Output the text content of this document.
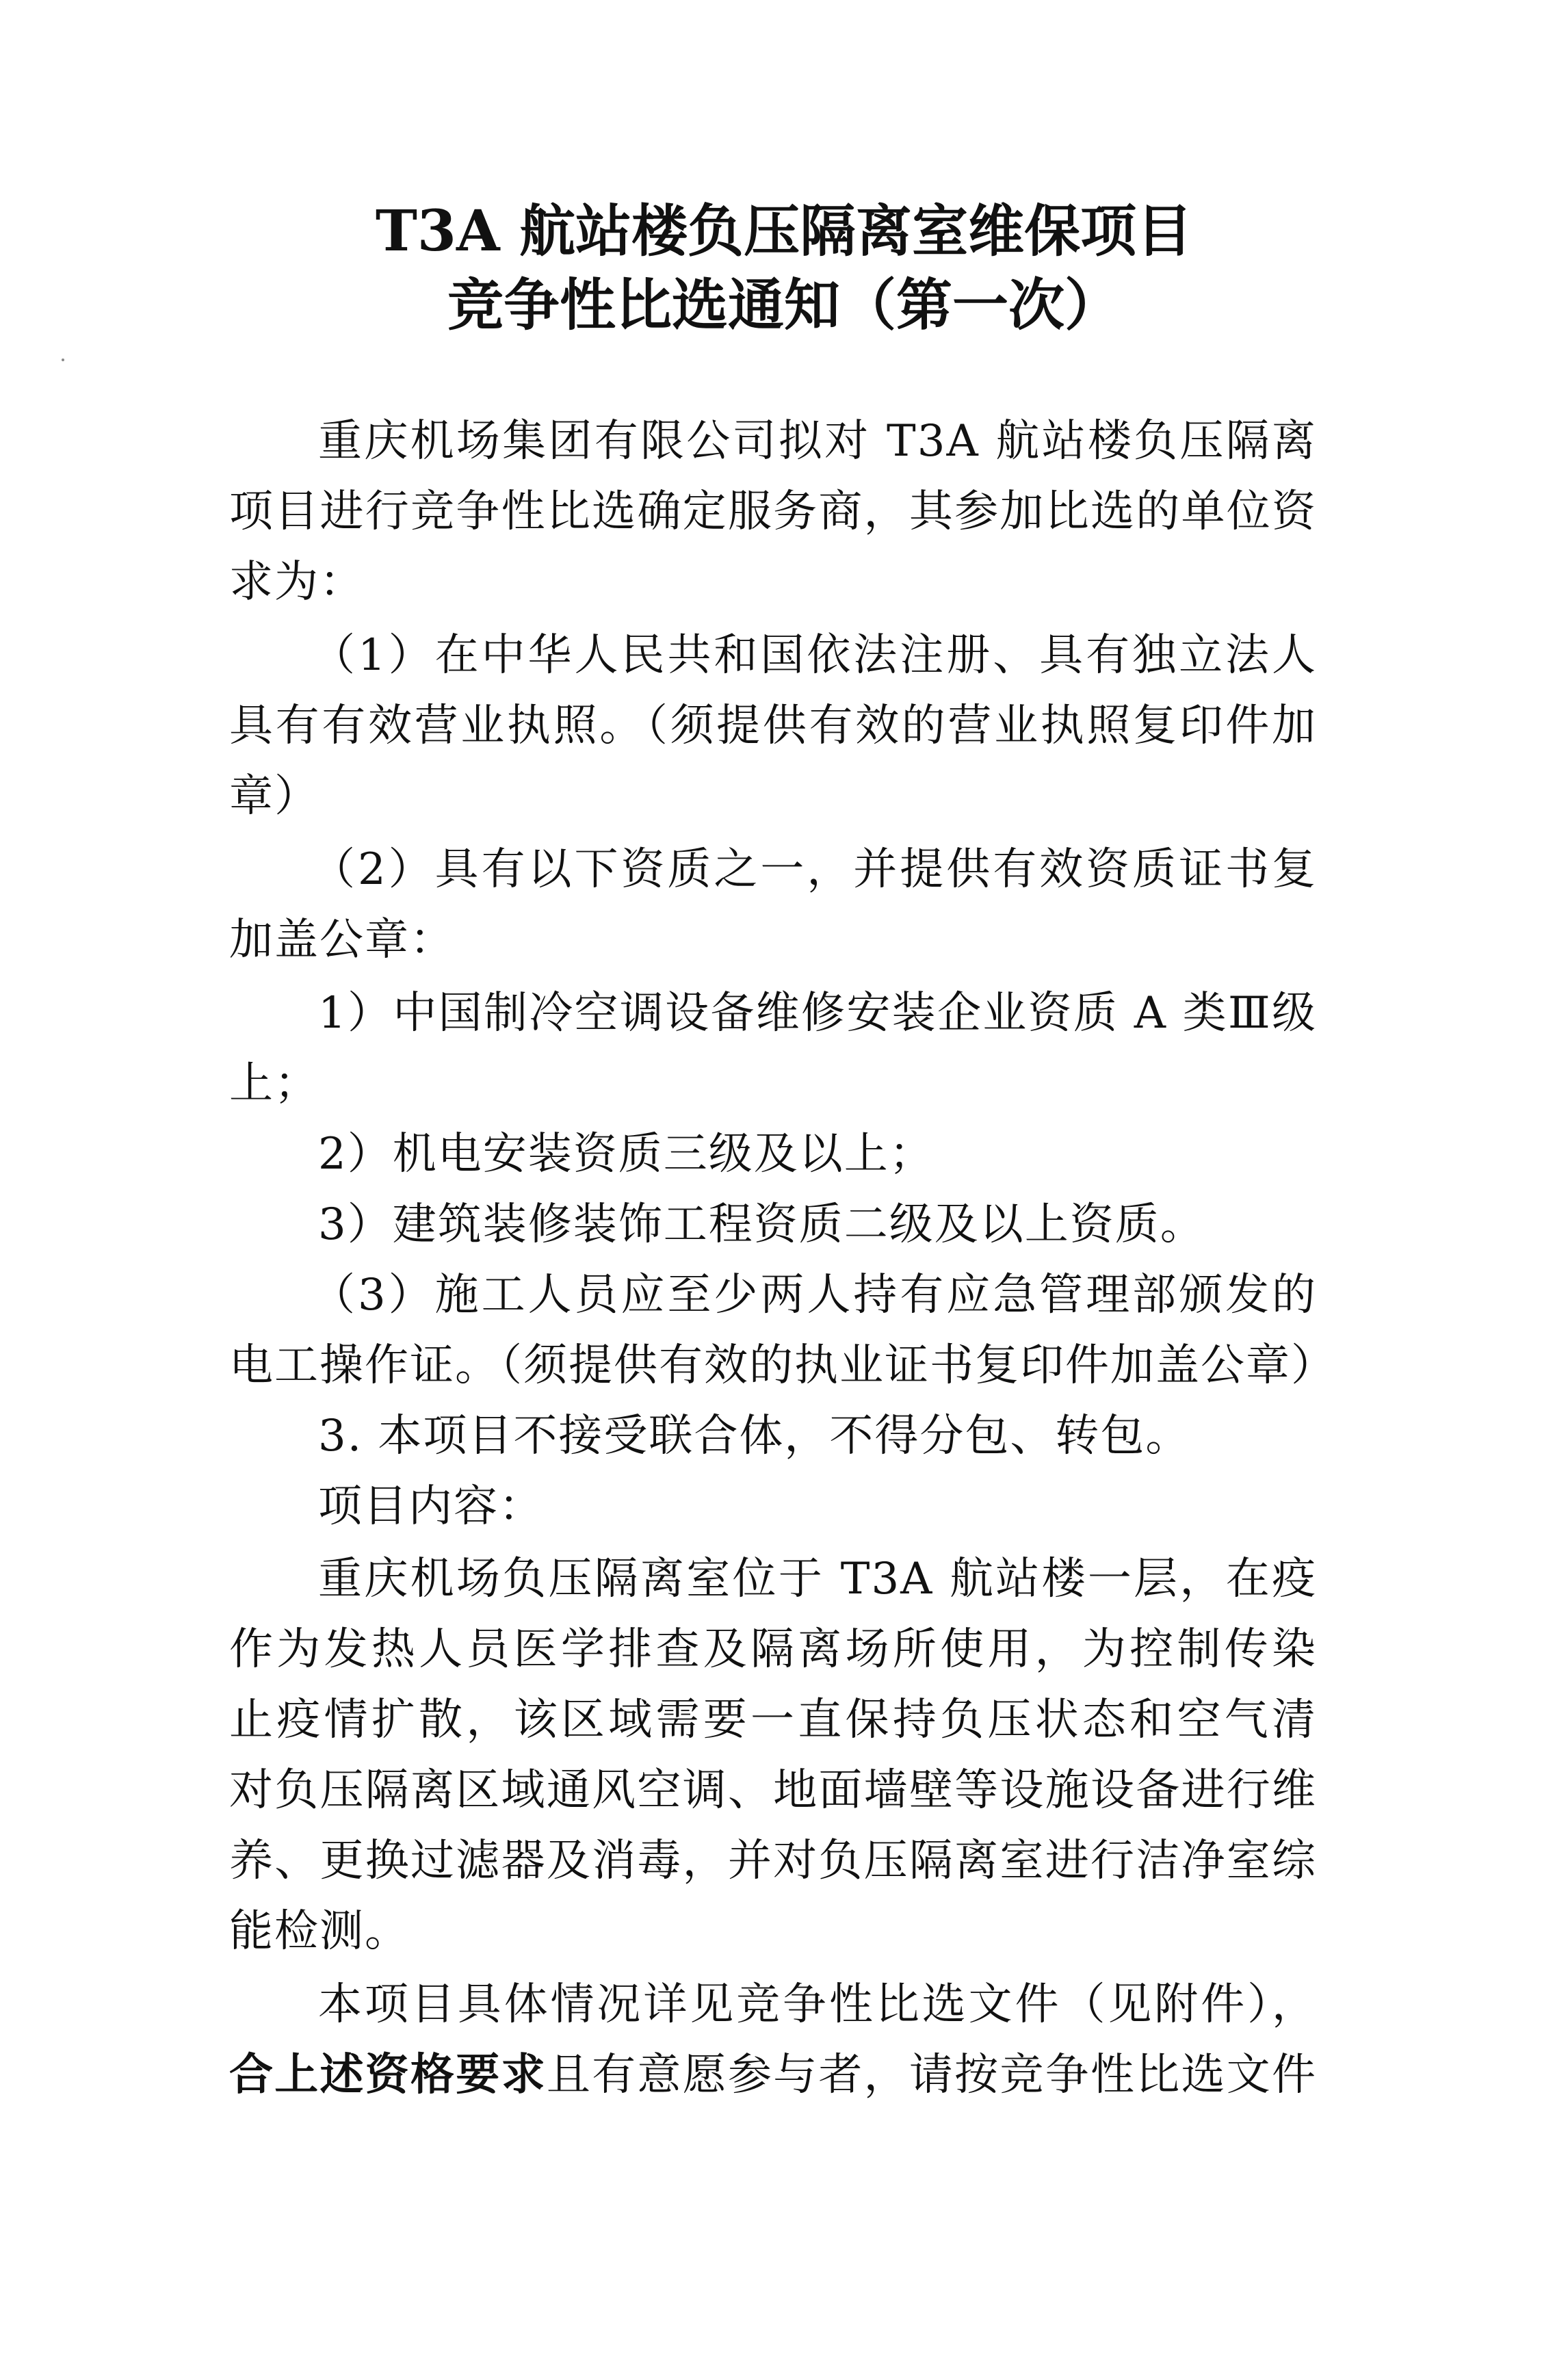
T3A 航站楼负压隔离室维保项目
竞争性比选通知（第一次）

重庆机场集团有限公司拟对 T3A 航站楼负压隔离

项目进行竞争性比选确定服务商，其参加比选的单位资

求为：

（1）在中华人民共和国依法注册、具有独立法人

具有有效营业执照。（须提供有效的营业执照复印件加

章）

（2）具有以下资质之一，并提供有效资质证书复

加盖公章：

1）中国制冷空调设备维修安装企业资质 A 类Ⅲ级

上；

2）机电安装资质三级及以上；

3）建筑装修装饰工程资质二级及以上资质。

（3）施工人员应至少两人持有应急管理部颁发的

电工操作证。（须提供有效的执业证书复印件加盖公章）

3. 本项目不接受联合体，不得分包、转包。

项目内容：

重庆机场负压隔离室位于 T3A 航站楼一层，在疫

作为发热人员医学排查及隔离场所使用，为控制传染

止疫情扩散，该区域需要一直保持负压状态和空气清

对负压隔离区域通风空调、地面墙壁等设施设备进行维

养、更换过滤器及消毒，并对负压隔离室进行洁净室综

能检测。

本项目具体情况详见竞争性比选文件（见附件），

合上述资格要求且有意愿参与者，请按竞争性比选文件
